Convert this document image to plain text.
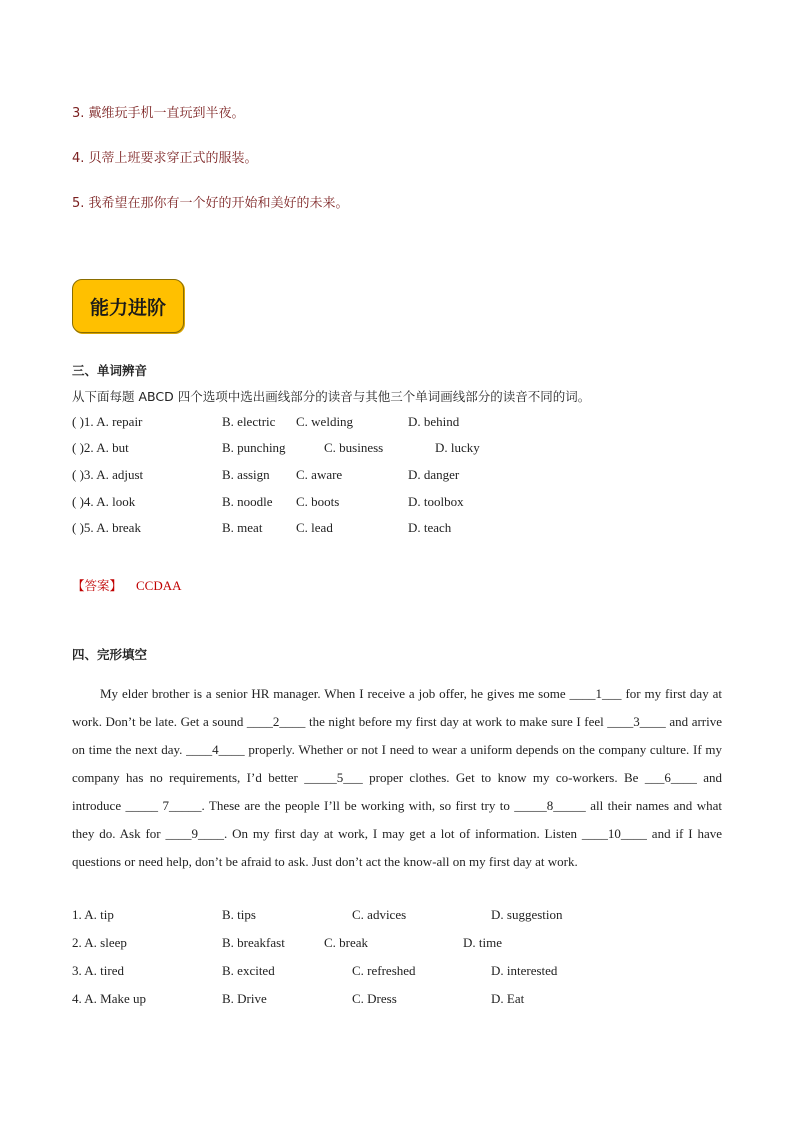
3. 戴维玩手机一直玩到半夜。
4. 贝蒂上班要求穿正式的服装。
5. 我希望在那你有一个好的开始和美好的未来。
能力进阶
三、单词辨音
从下面每题 ABCD 四个选项中选出画线部分的读音与其他三个单词画线部分的读音不同的词。
( )1. A. repair	B. electric C. welding	D. behind
( )2. A. but	B. punching	C. business	D. lucky
( )3. A. adjust	B. assign C. aware	D. danger
( )4. A. look	B. noodle C. boots	D. toolbox
( )5. A. break	B. meat	C. lead	D. teach
【答案】 CCDAA
四、完形填空
My elder brother is a senior HR manager. When I receive a job offer, he gives me some ____1___ for my first day at work. Don’t be late. Get a sound ____2____ the night before my first day at work to make sure I feel ____3____ and arrive on time the next day. ____4____ properly. Whether or not I need to wear a uniform depends on the company culture. If my company has no requirements, I’d better _____5___ proper clothes. Get to know my co-workers. Be ___6____ and introduce _____ 7_____. These are the people I’ll be working with, so first try to _____8_____ all their names and what they do. Ask for ____9____. On my first day at work, I may get a lot of information. Listen ____10____ and if I have questions or need help, don’t be afraid to ask. Just don’t act the know-all on my first day at work.
1. A. tip	B. tips	C. advices	D. suggestion
2. A. sleep	B. breakfast	C. break	D. time
3. A. tired	B. excited	C. refreshed	D. interested
4. A. Make up	B. Drive	C. Dress	D. Eat
